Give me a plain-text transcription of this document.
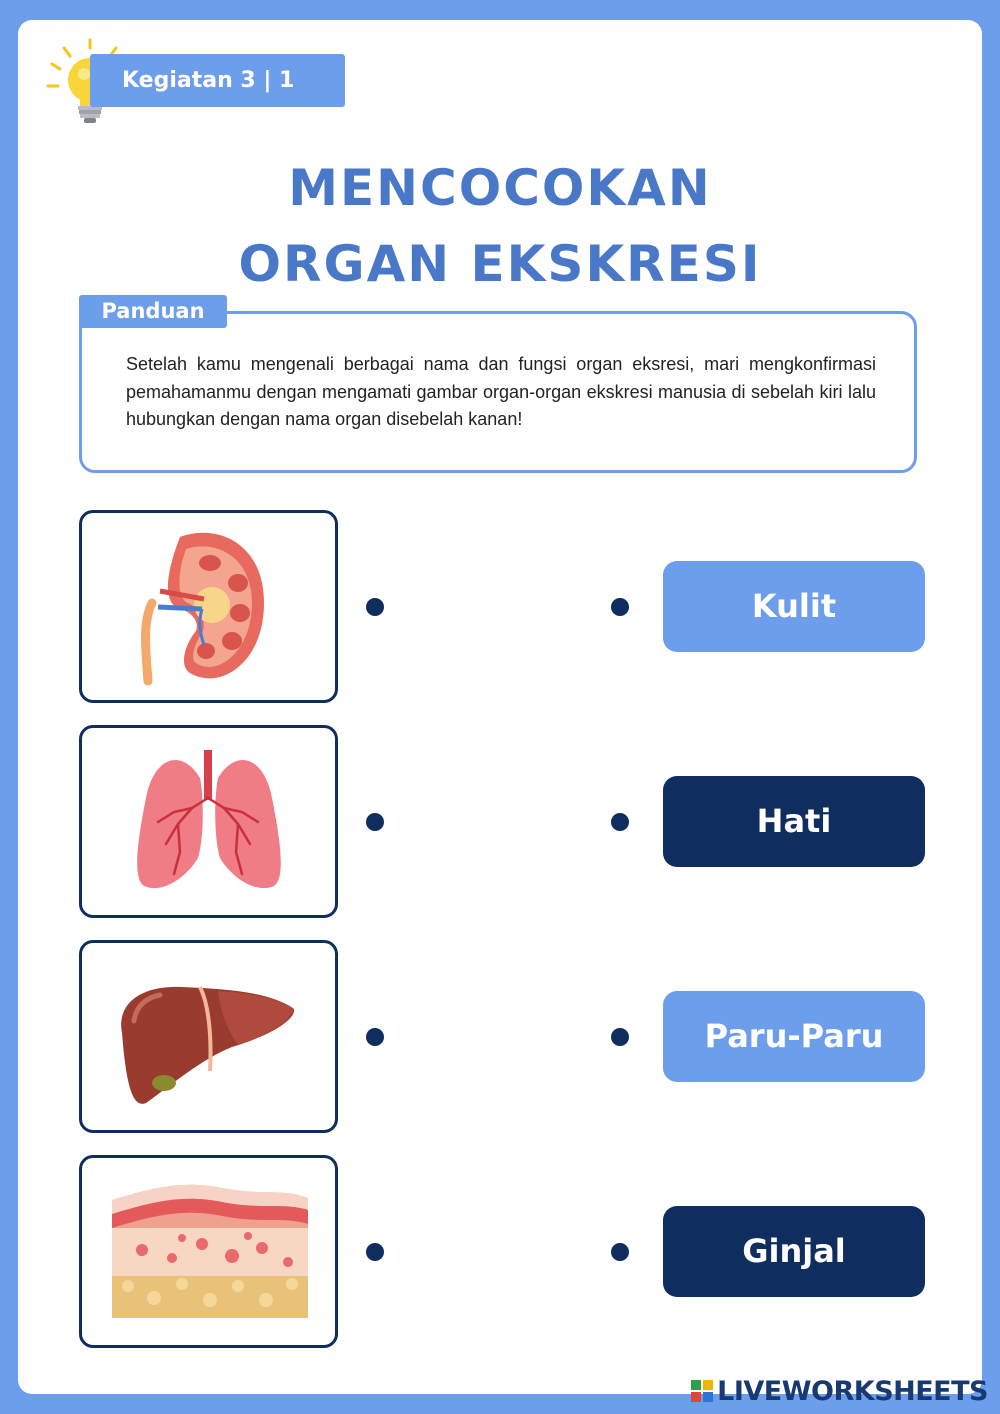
Kegiatan 3 | 1
MENCOCOKAN
ORGAN EKSKRESI
Panduan
Setelah kamu mengenali berbagai nama dan fungsi organ eksresi, mari mengkonfirmasi pemahamanmu dengan mengamati gambar organ-organ ekskresi manusia di sebelah kiri lalu hubungkan dengan nama organ disebelah kanan!
Kulit
Hati
Paru-Paru
Ginjal
LIVEWORKSHEETS
